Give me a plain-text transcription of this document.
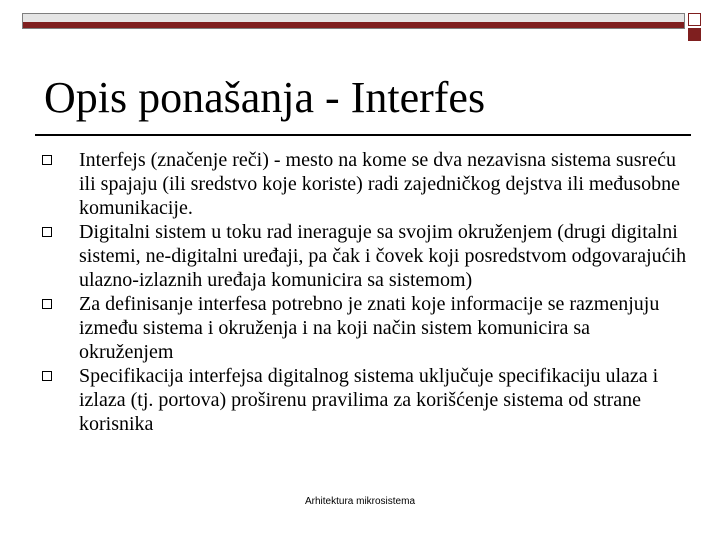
Opis ponašanja - Interfes
Interfejs (značenje reči) - mesto na kome se dva nezavisna sistema susreću ili spajaju (ili sredstvo koje koriste) radi zajedničkog dejstva ili međusobne komunikacije.
Digitalni sistem u toku rad ineraguje sa svojim okruženjem (drugi digitalni sistemi, ne-digitalni uređaji, pa čak i čovek koji posredstvom odgovarajućih ulazno-izlaznih uređaja komunicira sa sistemom)
Za definisanje interfesa potrebno je znati koje informacije se razmenjuju između sistema i okruženja i na koji način sistem komunicira sa okruženjem
Specifikacija interfejsa digitalnog sistema uključuje specifikaciju ulaza i izlaza (tj. portova) proširenu pravilima za korišćenje sistema od strane korisnika
Arhitektura mikrosistema
